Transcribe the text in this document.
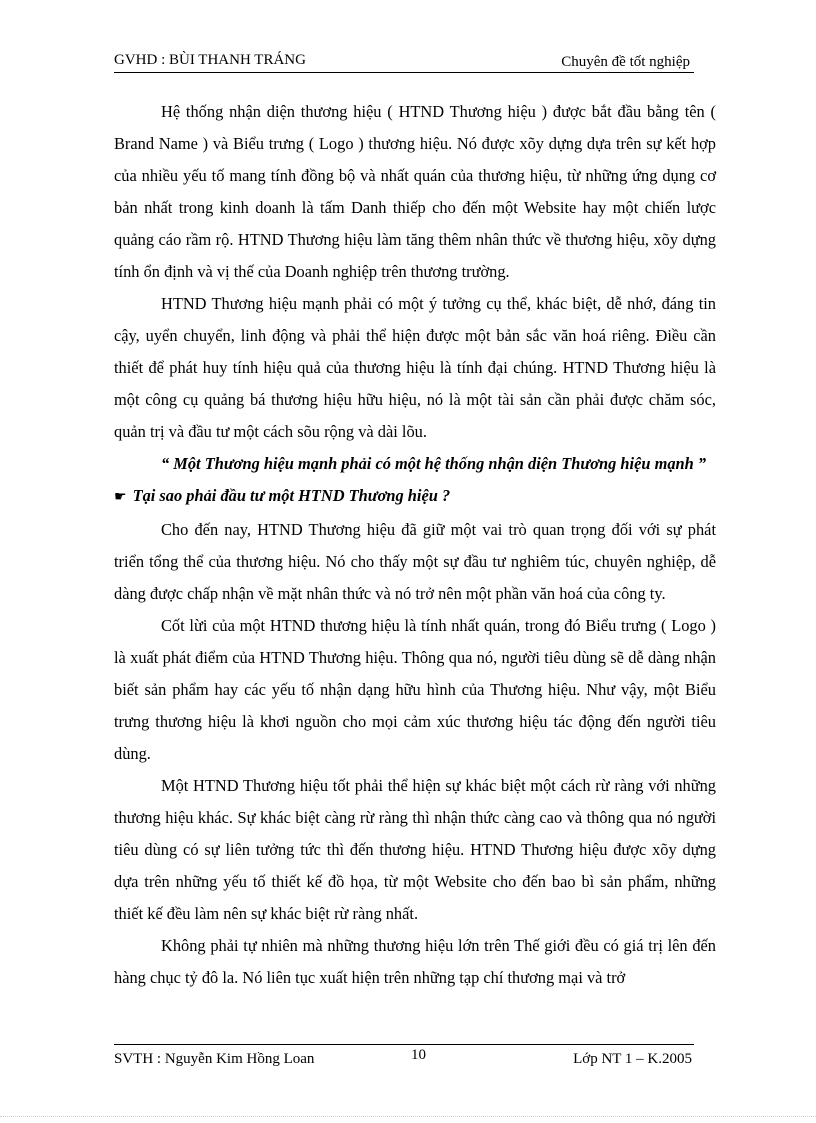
GVHD : BÙI THANH TRÁNG	Chuyên đề tốt nghiệp

Hệ thống nhận diện thương hiệu ( HTND Thương hiệu ) được bắt đầu bằng tên ( Brand Name ) và Biểu trưng ( Logo ) thương hiệu. Nó được xõy dựng dựa trên sự kết hợp của nhiều yếu tố mang tính đồng bộ và nhất quán của thương hiệu, từ những ứng dụng cơ bản nhất trong kinh doanh là tấm Danh thiếp cho đến một Website hay một chiến lược quảng cáo rầm rộ. HTND Thương hiệu làm tăng thêm nhân thức về thương hiệu, xõy dựng tính ổn định và vị thế của Doanh nghiệp trên thương trường.

HTND Thương hiệu mạnh phải có một ý tưởng cụ thể, khác biệt, dễ nhớ, đáng tin cậy, uyển chuyển, linh động và phải thể hiện được một bản sắc văn hoá riêng. Điều cần thiết để phát huy tính hiệu quả của thương hiệu là tính đại chúng. HTND Thương hiệu là một công cụ quảng bá thương hiệu hữu hiệu, nó là một tài sản cần phải được chăm sóc, quản trị và đầu tư một cách sõu rộng và dài lõu.

“ Một Thương hiệu mạnh phải có một hệ thống nhận diện Thương hiệu mạnh ”

☛ Tại sao phải đầu tư một HTND Thương hiệu ?

Cho đến nay, HTND Thương hiệu đã giữ một vai trò quan trọng đối với sự phát triển tổng thể của thương hiệu. Nó cho thấy một sự đầu tư nghiêm túc, chuyên nghiệp, dễ dàng được chấp nhận về mặt nhân thức và nó trở nên một phần văn hoá của công ty.

Cốt lừi của một HTND thương hiệu là tính nhất quán, trong đó Biểu trưng ( Logo ) là xuất phát điểm của HTND Thương hiệu. Thông qua nó, người tiêu dùng sẽ dễ dàng nhận biết sản phẩm hay các yếu tố nhận dạng hữu hình của Thương hiệu. Như vậy, một Biểu trưng thương hiệu là khơi nguồn cho mọi cảm xúc thương hiệu tác động đến người tiêu dùng.

Một HTND Thương hiệu tốt phải thể hiện sự khác biệt một cách rừ ràng với những thương hiệu khác. Sự khác biệt càng rừ ràng thì nhận thức càng cao và thông qua nó người tiêu dùng có sự liên tưởng tức thì đến thương hiệu. HTND Thương hiệu được xõy dựng dựa trên những yếu tố thiết kế đồ họa, từ một Website cho đến bao bì sản phẩm, những thiết kế đều làm nên sự khác biệt rừ ràng nhất.

Không phải tự nhiên mà những thương hiệu lớn trên Thế giới đều có giá trị lên đến hàng chục tỷ đô la. Nó liên tục xuất hiện trên những tạp chí thương mại và trở

SVTH : Nguyễn Kim Hồng Loan	10	Lớp NT 1 – K.2005
